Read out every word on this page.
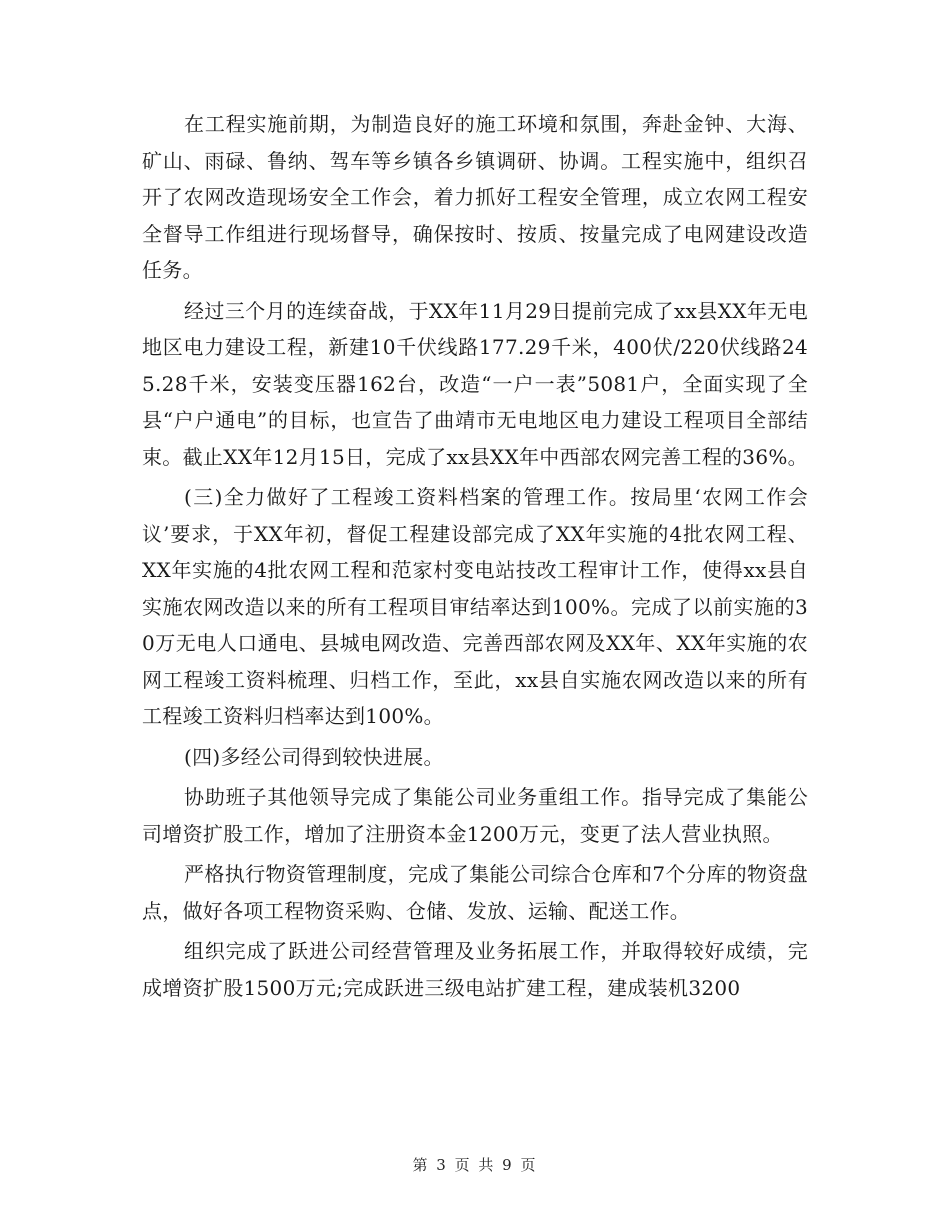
在工程实施前期，为制造良好的施工环境和氛围，奔赴金钟、大海、矿山、雨碌、鲁纳、驾车等乡镇各乡镇调研、协调。工程实施中，组织召开了农网改造现场安全工作会，着力抓好工程安全管理，成立农网工程安全督导工作组进行现场督导，确保按时、按质、按量完成了电网建设改造任务。

经过三个月的连续奋战，于XX年11月29日提前完成了xx县XX年无电地区电力建设工程，新建10千伏线路177.29千米，400伏/220伏线路245.28千米，安装变压器162台，改造“一户一表”5081户，全面实现了全县“户户通电”的目标，也宣告了曲靖市无电地区电力建设工程项目全部结束。截止XX年12月15日，完成了xx县XX年中西部农网完善工程的36%。

(三)全力做好了工程竣工资料档案的管理工作。按局里‘农网工作会议’要求，于XX年初，督促工程建设部完成了XX年实施的4批农网工程、 XX年实施的4批农网工程和范家村变电站技改工程审计工作，使得xx县自实施农网改造以来的所有工程项目审结率达到100%。完成了以前实施的30万无电人口通电、县城电网改造、完善西部农网及XX年、XX年实施的农网工程竣工资料梳理、归档工作，至此，xx县自实施农网改造以来的所有工程竣工资料归档率达到100%。

(四)多经公司得到较快进展。

协助班子其他领导完成了集能公司业务重组工作。指导完成了集能公司增资扩股工作，增加了注册资本金1200万元，变更了法人营业执照。

严格执行物资管理制度，完成了集能公司综合仓库和7个分库的物资盘点，做好各项工程物资采购、仓储、发放、运输、配送工作。

组织完成了跃进公司经营管理及业务拓展工作，并取得较好成绩，完成增资扩股1500万元;完成跃进三级电站扩建工程，建成装机3200

第 3 页 共 9 页
